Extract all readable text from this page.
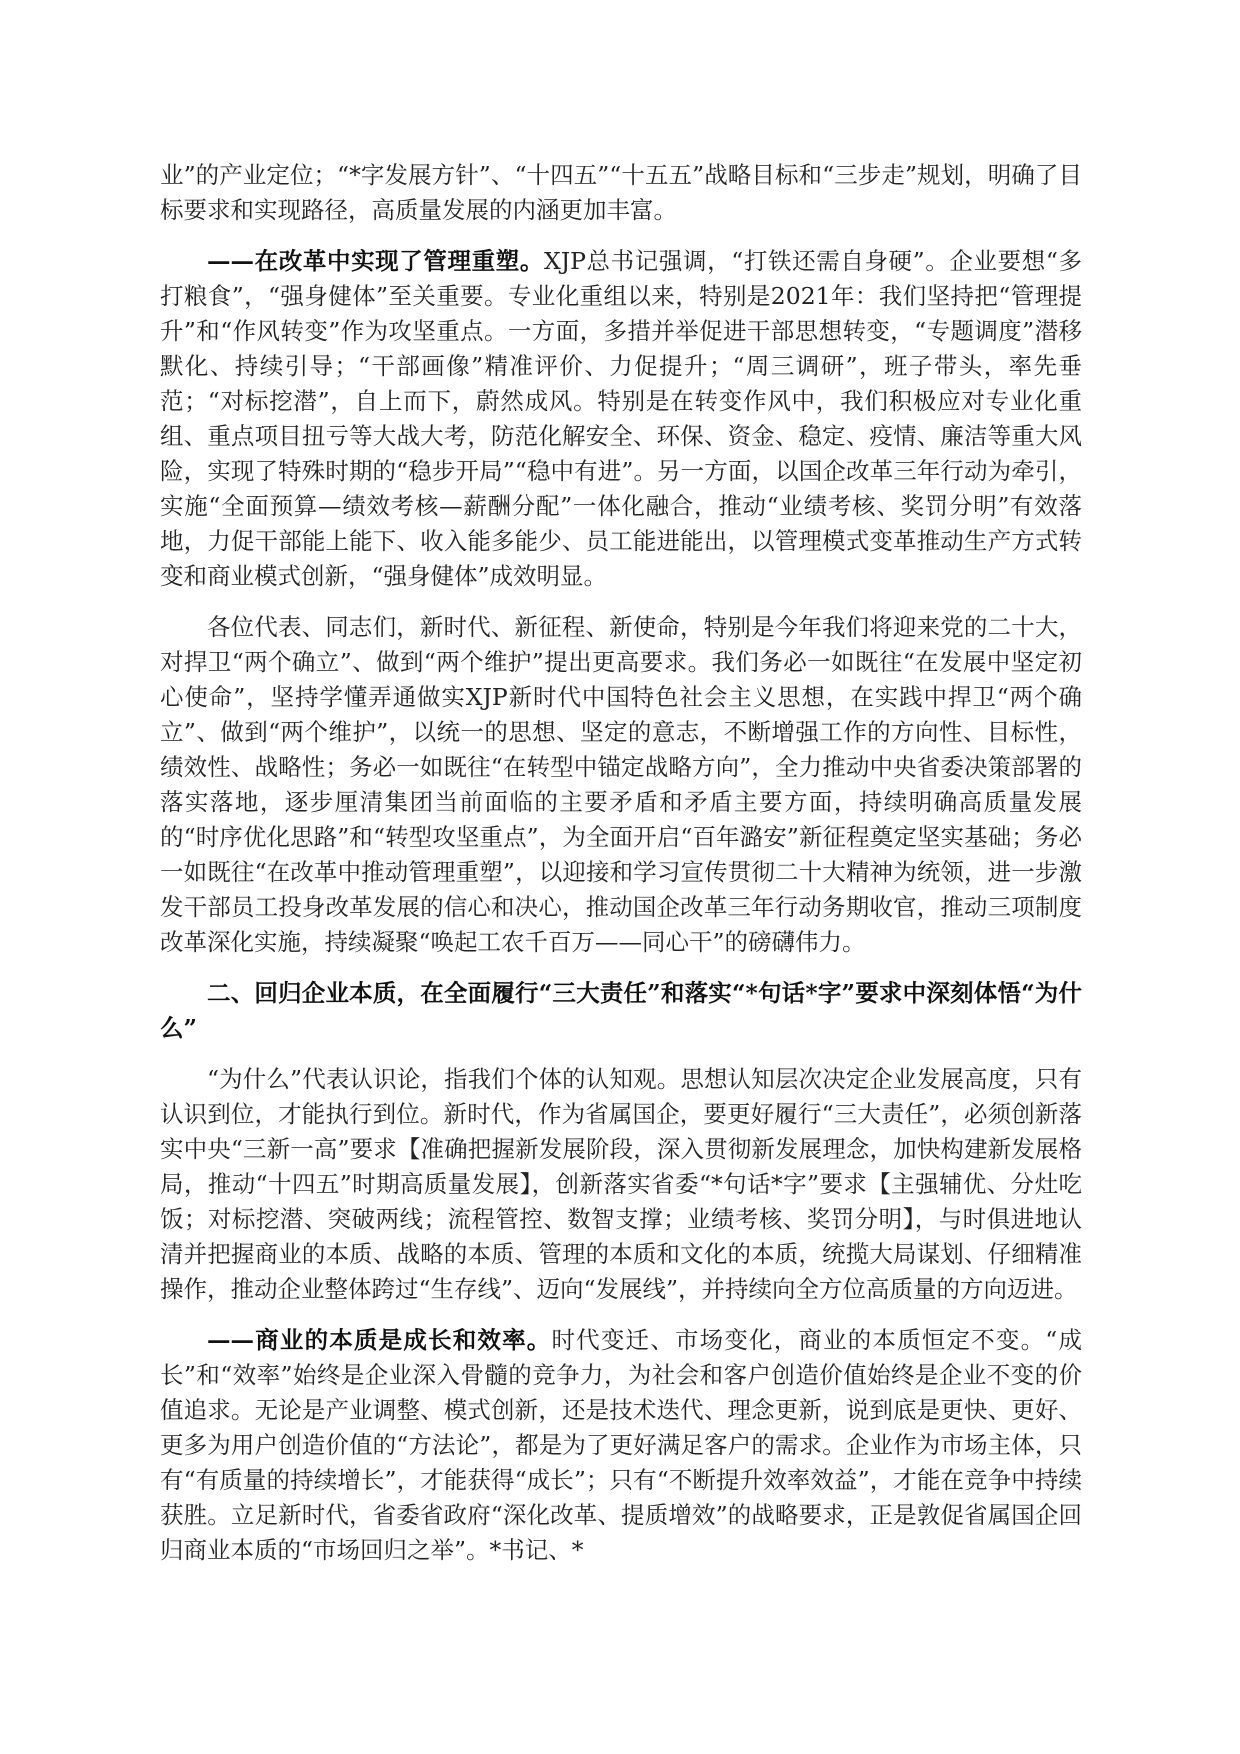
业”的产业定位；“*字发展方针”、“十四五”“十五五”战略目标和“三步走”规划，明确了目标要求和实现路径，高质量发展的内涵更加丰富。

——在改革中实现了管理重塑。XJP总书记强调，“打铁还需自身硬”。企业要想“多打粮食”，“强身健体”至关重要。专业化重组以来，特别是2021年：我们坚持把“管理提升”和“作风转变”作为攻坚重点。一方面，多措并举促进干部思想转变，“专题调度”潜移默化、持续引导；“干部画像”精准评价、力促提升；“周三调研”，班子带头，率先垂范；“对标挖潜”，自上而下，蔚然成风。特别是在转变作风中，我们积极应对专业化重组、重点项目扭亏等大战大考，防范化解安全、环保、资金、稳定、疫情、廉洁等重大风险，实现了特殊时期的“稳步开局”“稳中有进”。另一方面，以国企改革三年行动为牵引，实施“全面预算—绩效考核—薪酬分配”一体化融合，推动“业绩考核、奖罚分明”有效落地，力促干部能上能下、收入能多能少、员工能进能出，以管理模式变革推动生产方式转变和商业模式创新，“强身健体”成效明显。

各位代表、同志们，新时代、新征程、新使命，特别是今年我们将迎来党的二十大，对捍卫“两个确立”、做到“两个维护”提出更高要求。我们务必一如既往“在发展中坚定初心使命”，坚持学懂弄通做实XJP新时代中国特色社会主义思想，在实践中捍卫“两个确立”、做到“两个维护”，以统一的思想、坚定的意志，不断增强工作的方向性、目标性，绩效性、战略性；务必一如既往“在转型中锚定战略方向”，全力推动中央省委决策部署的落实落地，逐步厘清集团当前面临的主要矛盾和矛盾主要方面，持续明确高质量发展的“时序优化思路”和“转型攻坚重点”，为全面开启“百年潞安”新征程奠定坚实基础；务必一如既往“在改革中推动管理重塑”，以迎接和学习宣传贯彻二十大精神为统领，进一步激发干部员工投身改革发展的信心和决心，推动国企改革三年行动务期收官，推动三项制度改革深化实施，持续凝聚“唤起工农千百万——同心干”的磅礴伟力。

二、回归企业本质，在全面履行“三大责任”和落实“*句话*字”要求中深刻体悟“为什么”

“为什么”代表认识论，指我们个体的认知观。思想认知层次决定企业发展高度，只有认识到位，才能执行到位。新时代，作为省属国企，要更好履行“三大责任”，必须创新落实中央“三新一高”要求【准确把握新发展阶段，深入贯彻新发展理念，加快构建新发展格局，推动“十四五”时期高质量发展】，创新落实省委“*句话*字”要求【主强辅优、分灶吃饭；对标挖潜、突破两线；流程管控、数智支撑；业绩考核、奖罚分明】，与时俱进地认清并把握商业的本质、战略的本质、管理的本质和文化的本质，统揽大局谋划、仔细精准操作，推动企业整体跨过“生存线”、迈向“发展线”，并持续向全方位高质量的方向迈进。

——商业的本质是成长和效率。时代变迁、市场变化，商业的本质恒定不变。“成长”和“效率”始终是企业深入骨髓的竞争力，为社会和客户创造价值始终是企业不变的价值追求。无论是产业调整、模式创新，还是技术迭代、理念更新，说到底是更快、更好、更多为用户创造价值的“方法论”，都是为了更好满足客户的需求。企业作为市场主体，只有“有质量的持续增长”，才能获得“成长”；只有“不断提升效率效益”，才能在竞争中持续获胜。立足新时代，省委省政府“深化改革、提质增效”的战略要求，正是敦促省属国企回归商业本质的“市场回归之举”。*书记、*
